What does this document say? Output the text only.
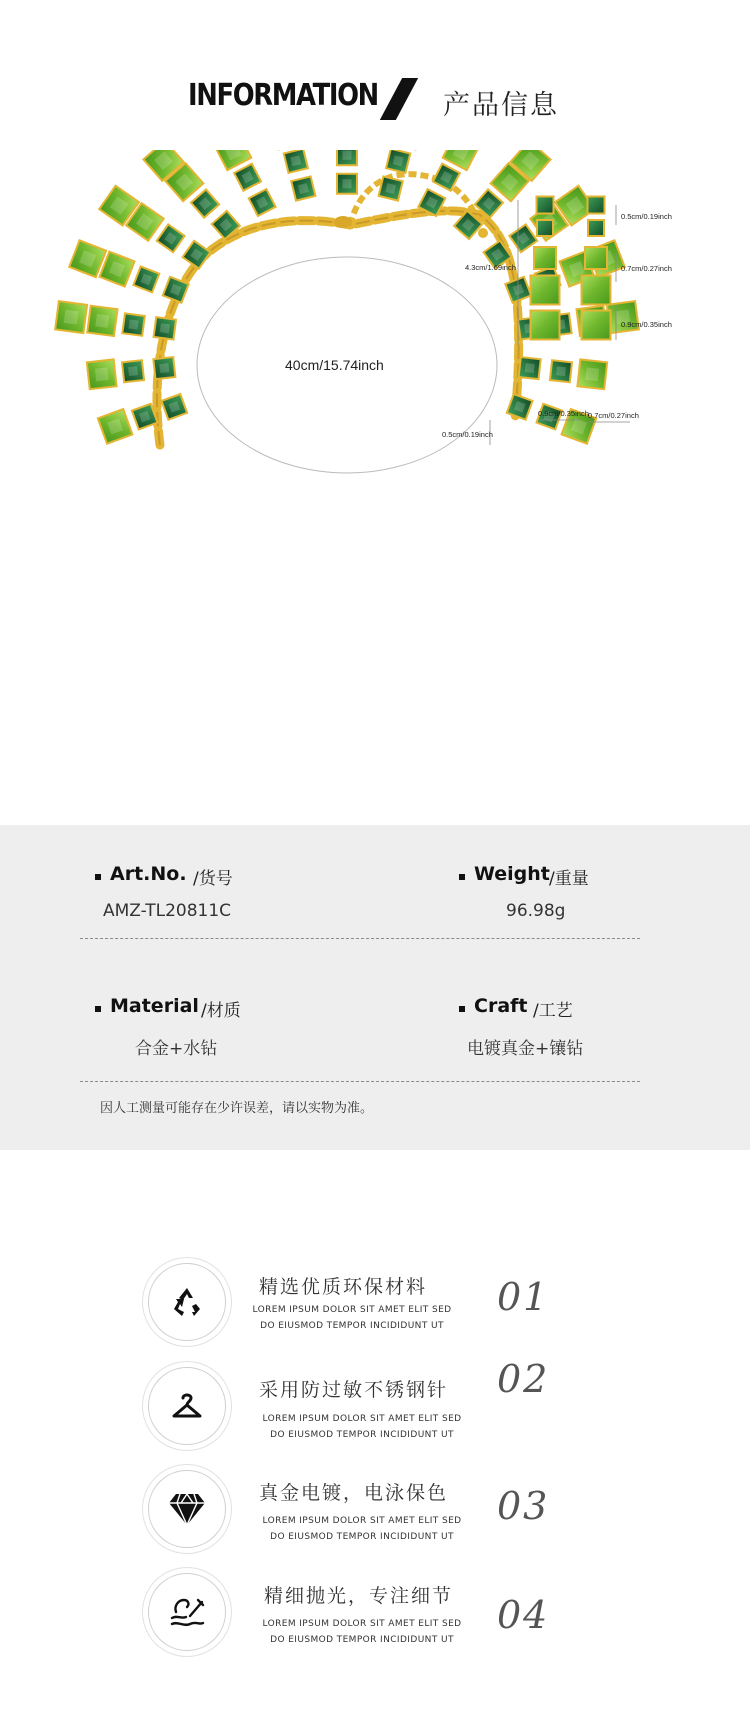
INFORMATION 产品信息
40cm/15.74inch
0.5cm/0.19inch
0.9cm/0.35inch 0.7cm/0.27inch
4.3cm/1.69inch
0.5cm/0.19inch
0.7cm/0.27inch
0.9cm/0.35inch
Art.No. /货号
AMZ-TL20811C
Weight /重量
96.98g
Material /材质
合金+水钻
Craft /工艺
电镀真金+镶钻
因人工测量可能存在少许误差，请以实物为准。
精选优质环保材料
LOREM IPSUM DOLOR SIT AMET ELIT SED
DO EIUSMOD TEMPOR INCIDIDUNT UT
01
采用防过敏不锈钢针
LOREM IPSUM DOLOR SIT AMET ELIT SED
DO EIUSMOD TEMPOR INCIDIDUNT UT
02
真金电镀，电泳保色
LOREM IPSUM DOLOR SIT AMET ELIT SED
DO EIUSMOD TEMPOR INCIDIDUNT UT
03
精细抛光，专注细节
LOREM IPSUM DOLOR SIT AMET ELIT SED
DO EIUSMOD TEMPOR INCIDIDUNT UT
04
